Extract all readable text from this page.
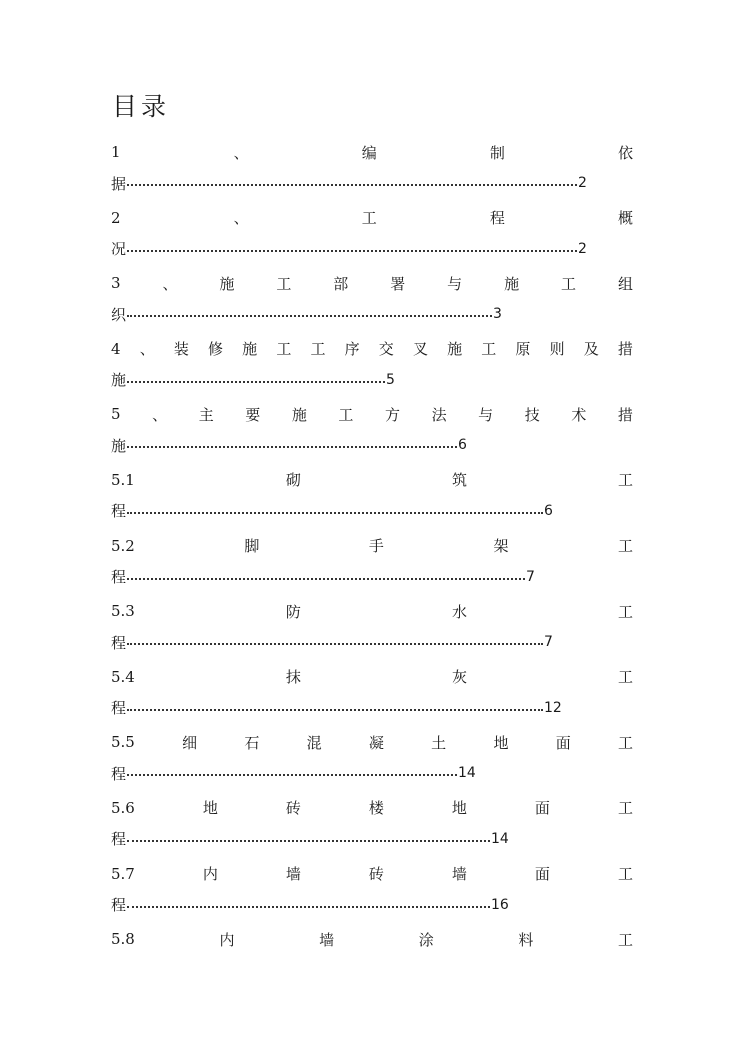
目录
1	、	编	制	依
据	2
2	、	工	程	概
况	2
3	、	施	工	部	署	与	施	工	组
织	3
4 、 装 修 施 工 工 序 交 叉 施 工 原 则 及 措
施	5
5 、 主 要 施 工 方 法 与 技 术 措
施	6
5.1	砌	筑	工
程	6
5.2	脚	手	架	工
程	7
5.3	防	水	工
程	7
5.4	抹	灰	工
程	12
5.5	细	石	混	凝	土	地	面	工
程	14
5.6	地	砖	楼	地	面	工
程	14
5.7	内	墙	砖	墙	面	工
程	16
5.8	内	墙	涂	料	工
